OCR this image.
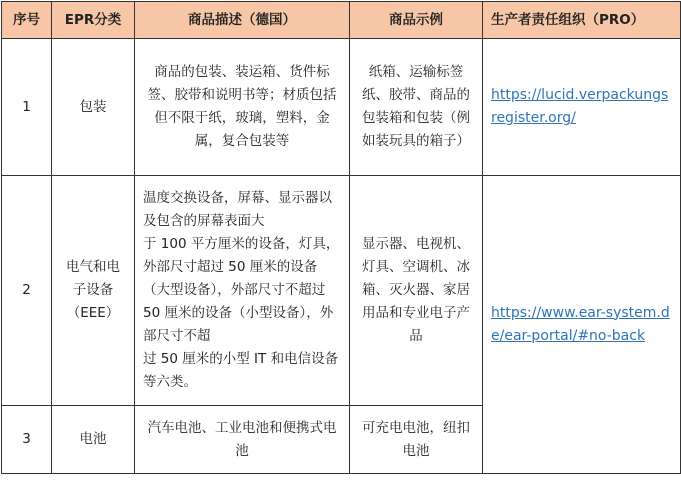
序号	EPR分类	商品描述（德国）	商品示例	生产者责任组织（PRO）
1	包装	商品的包装、装运箱、货件标签、胶带和说明书等；材质包括但不限于纸，玻璃，塑料，金属，复合包装等	纸箱、运输标签纸、胶带、商品的包装箱和包装（例如装玩具的箱子）	https://lucid.verpackungsregister.org/
2	电气和电子设备（EEE）	温度交换设备，屏幕、显示器以及包含的屏幕表面大
于 100 平方厘米的设备，灯具，外部尺寸超过 50 厘米的设备（大型设备），外部尺寸不超过 50 厘米的设备（小型设备），外部尺寸不超
过 50 厘米的小型 IT 和电信设备等六类。	显示器、电视机、灯具、空调机、冰箱、灭火器、家居用品和专业电子产品	https://www.ear-system.de/ear-portal/#no-back
3	电池	汽车电池、工业电池和便携式电池	可充电电池，纽扣电池	
